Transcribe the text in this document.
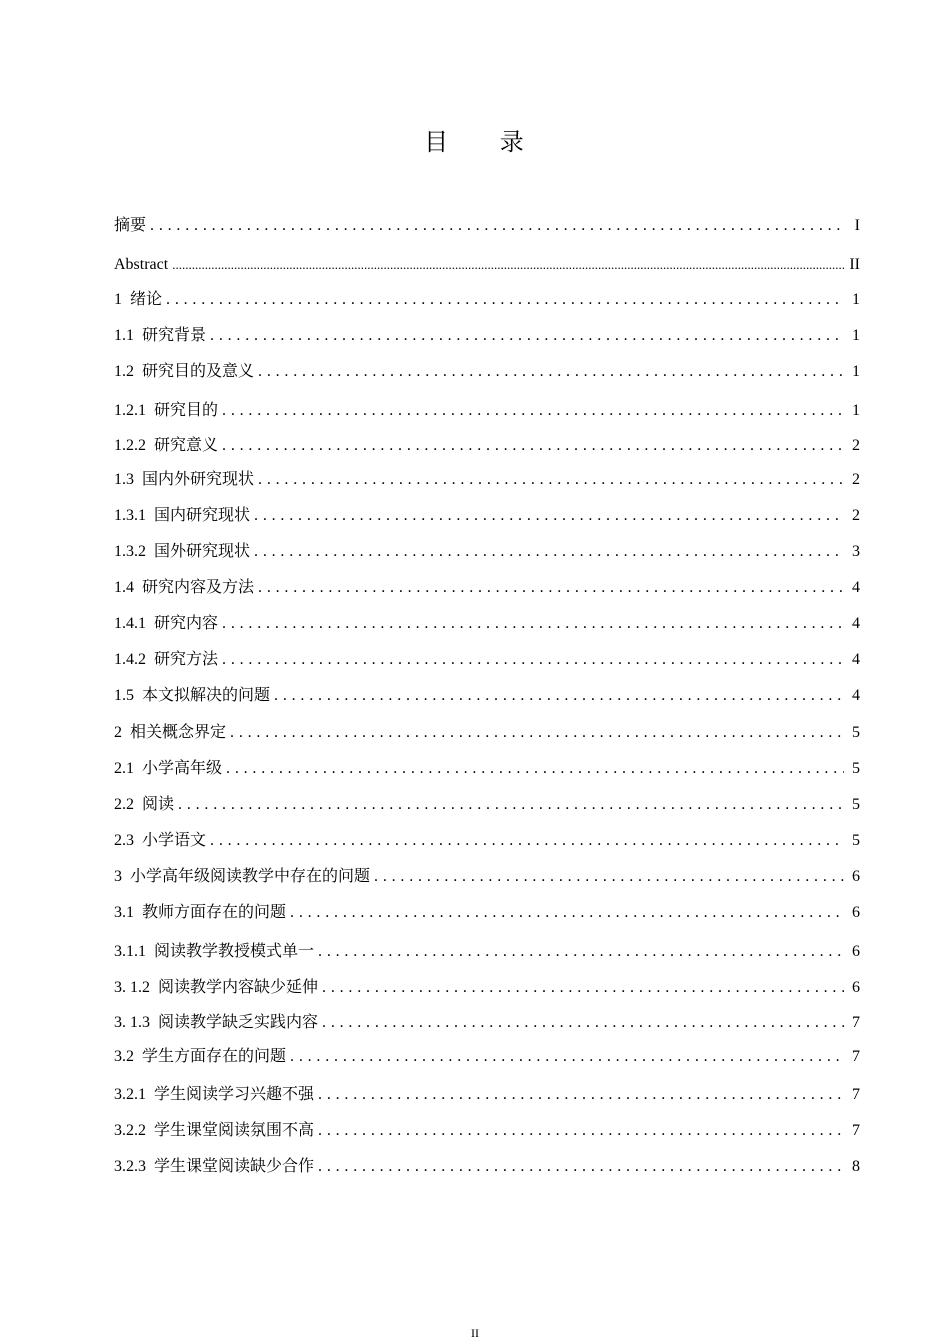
目 录
摘要 . . .	I
Abstract .....	II
1 绪论 . . .	1
1.1 研究背景 . . .	1
1.2 研究目的及意义 . . .	1
1.2.1 研究目的 . . .	1
1.2.2 研究意义 . . .	2
1.3 国内外研究现状 . . .	2
1.3.1 国内研究现状 . . .	2
1.3.2 国外研究现状 . . .	3
1.4 研究内容及方法 . . .	4
1.4.1 研究内容 . . .	4
1.4.2 研究方法 . . .	4
1.5 本文拟解决的问题 . . .	4
2 相关概念界定 . . .	5
2.1 小学高年级 . . .	5
2.2 阅读 . . .	5
2.3 小学语文 . . .	5
3 小学高年级阅读教学中存在的问题 . . .	6
3.1 教师方面存在的问题 . . .	6
3.1.1 阅读教学教授模式单一 . . .	6
3. 1.2 阅读教学内容缺少延伸 . . .	6
3. 1.3 阅读教学缺乏实践内容 . . .	7
3.2 学生方面存在的问题 . . .	7
3.2.1 学生阅读学习兴趣不强 . . .	7
3.2.2 学生课堂阅读氛围不高 . . .	7
3.2.3 学生课堂阅读缺少合作 . . .	8
II
